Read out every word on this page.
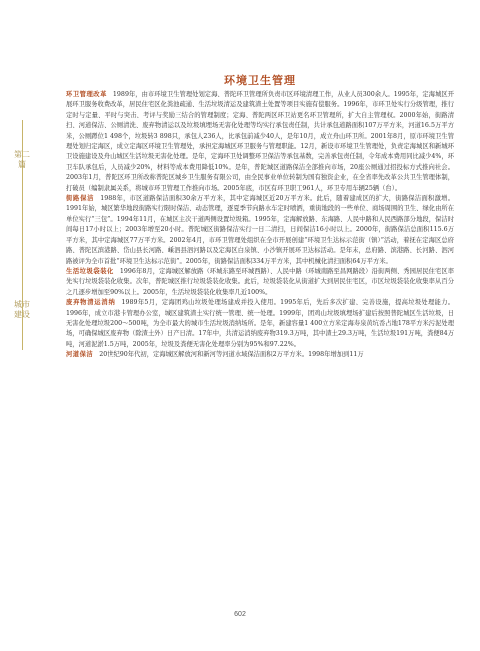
第二篇
城市建设
环境卫生管理

环卫管理改革 1989年，由市环境卫生管理处划定海、普陀环卫管理所负责市区环境清理工作，从业人员300余人。1995年，定海城区开展环卫服务收费改革，居民住宅区化粪池疏通、生活垃圾清运及建筑渣土处置等项目实施有偿服务。1996年，市环卫处实行分级管理，推行定时与定量、平时与突击、考评与奖励三结合的管理制度；定海、普陀两区环卫站更名环卫管理所，扩大自主管理权。2000年始，街路清扫、河道保洁、公厕清洗、废弃物清运以及垃圾填埋场无害化处理等均实行承包责任制，共计承包道路面积107万平方米，河道16.5万平方米，公厕蹲位1 498个，垃圾转3 898只，承包人236人，比承包前减少40人，是年10月，成立舟山环卫所。2001年8月，原市环境卫生管理处划归定海区，成立定海区环境卫生管理处，承担定海城区环卫服务与管理职能。12月，新设市环境卫生管理处，负责定海城区和新城环卫设施建设及舟山城区生活垃圾无害化处理。是年，定海环卫处调整环卫保洁等承包基数，完善承包责任制，令年成本费用同比减少4%，环卫车队承包后，人员减少20%，材料等成本费用降低10%。是年，普陀城区道路保洁全部推向市场，20座公厕通过招投标方式推向社会。2003年1月，普陀区环卫所改称普陀区城乡卫生服务有限公司，由全民事业单位转制为国有独资企业，在全省率先改革公共卫生管理体制，打破员（编制隶属关系，将城市环卫管理工作推向市场。2005年底，市区有环卫职工961人，环卫专用车辆25辆（台）。

街路保洁 1988年，市区道路保洁面积30余万平方米，其中定海城区近20万平方米。此后，随着建成区的扩大，街路保洁面积激增。1991年始，城区繁华地段街路实行限时保洁、动态管理，逐夏季节向路水车定时喷洒，重街地段的一些单位、商场周围的卫生、绿化由所在单位实行“三包”。1994年11月，在城区主次干道两侧设置垃圾箱。1995年，定海解放路、东海路、人民中路和人民西路部分地段，保洁时间每日17小时以上；2003年增至20小时。普陀城区街路保洁实行一日二清扫，日间保洁16小时以上。2000年，街路保洁总面积115.6万平方米，其中定海城区77万平方米。2002年4月，市环卫管理处组织在全市开展创建“环境卫生达标示范街（镇）”活动，着抚在定海区总府路、普陀区滨港路、岱山县长河路、嵊泗县泗河路以及定海区白泉镇、小沙镇开展环卫达标活动。是年末，总府路、滨港路、长河路、泗河路被评为全市首批“环境卫生达标示范街”。2005年，街路保洁面积334万平方米，其中机械化清扫面积64万平方米。

生活垃圾袋装化 1996年8月，定海城区解放路（环城东路至环城西路）、人民中路（环城南路至昌网路段）沿街两侧、秀园居民住宅区率先实行垃圾袋装化收集。次年，普陀城区推行垃圾袋装化收集。此后，垃圾袋装化从街道扩大到居民住宅区，市区垃圾袋装化收集率从百分之几逐步增加至90%以上。2005年，生活垃圾袋装化收集率几近100%。

废弃物清运消纳 1989年5月，定海团鸡山垃圾处理场建成并投入使用。1995年后，先后多次扩建、完善设施，提高垃圾处理能力。1996年，成立市港卡管理办公室，城区建筑渣土实行统一管理、统一处理。1999年，团鸡山垃圾填埋场扩建后按照普陀城区生活垃圾，日无害化处理垃圾200～500吨，为全市最大的城市生活垃圾消纳场所。是年，新建容量1 400立方米定海寿泉黄坑岙占地178平方米污泥处理场，可确保城区废弃物（除渣土外）日产日清。17年中，共清运消纳废弃物319.3万吨，其中渣土29.3万吨，生活垃圾191万吨，粪便84万吨，河道泥淤1.5万吨，2005年，垃圾及粪便无害化处理率分别为95%和97.22%。

河道保洁 20世纪90年代初，定海城区解放河和新河等河道水域保洁面积2万平方米。1998年增加到11万

602
